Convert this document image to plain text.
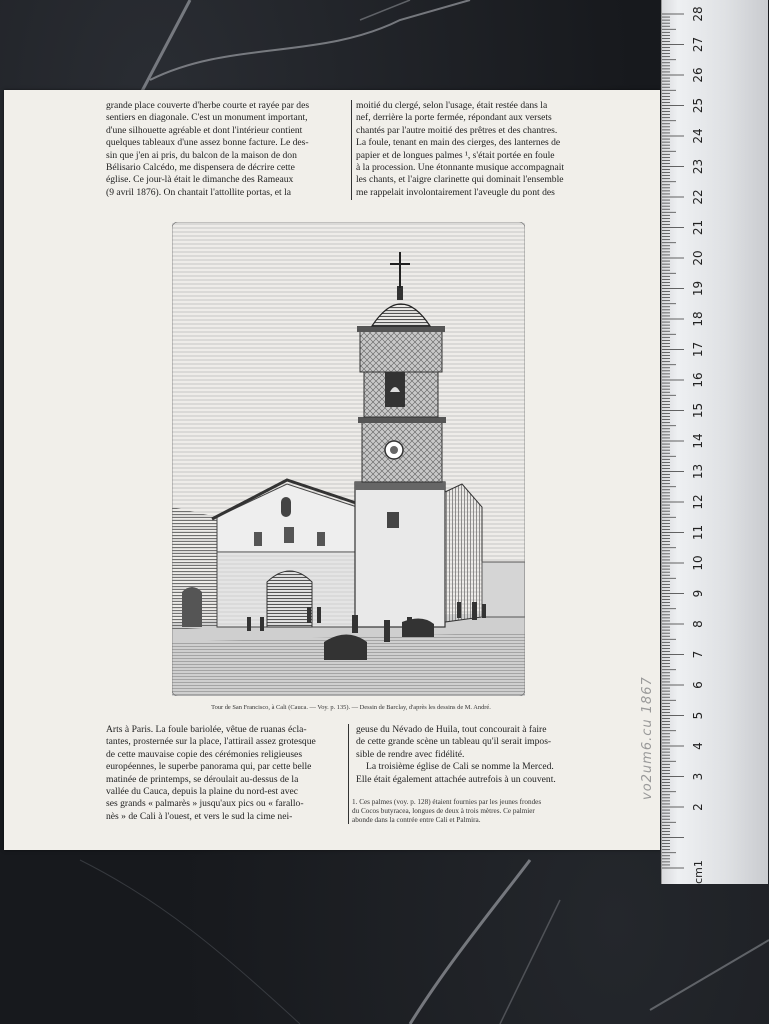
grande place couverte d'herbe courte et rayée par des
sentiers en diagonale. C'est un monument important,
d'une silhouette agréable et dont l'intérieur contient
quelques tableaux d'une assez bonne facture. Le des-
sin que j'en ai pris, du balcon de la maison de don
Bélisario Calcédo, me dispensera de décrire cette
église. Ce jour-là était le dimanche des Rameaux
(9 avril 1876). On chantait l'attollite portas, et la
moitié du clergé, selon l'usage, était restée dans la
nef, derrière la porte fermée, répondant aux versets
chantés par l'autre moitié des prêtres et des chantres.
La foule, tenant en main des cierges, des lanternes de
papier et de longues palmes ¹, s'était portée en foule
à la procession. Une étonnante musique accompagnait
les chants, et l'aigre clarinette qui dominait l'ensemble
me rappelait involontairement l'aveugle du pont des
Tour de San Francisco, à Cali (Cauca. — Voy. p. 135). — Dessin de Barclay, d'après les dessins de M. André.
Arts à Paris. La foule bariolée, vêtue de ruanas écla-
tantes, prosternée sur la place, l'attirail assez grotesque
de cette mauvaise copie des cérémonies religieuses
européennes, le superbe panorama qui, par cette belle
matinée de printemps, se déroulait au-dessus de la
vallée du Cauca, depuis la plaine du nord-est avec
ses grands « palmarès » jusqu'aux pics ou « farallo-
nès » de Cali à l'ouest, et vers le sud la cime nei-
geuse du Névado de Huila, tout concourait à faire
de cette grande scène un tableau qu'il serait impos-
sible de rendre avec fidélité.
La troisième église de Cali se nomme la Merced.
Elle était également attachée autrefois à un couvent.
1. Ces palmes (voy. p. 128) étaient fournies par les jeunes frondes
du Cocos butyracea, longues de deux à trois mètres. Ce palmier
abonde dans la contrée entre Cali et Palmira.
vo2um6.cu 1867
2
3
4
5
6
7
8
9
10
11
12
13
14
15
16
17
18
19
20
21
22
23
24
25
26
27
28
cm1
